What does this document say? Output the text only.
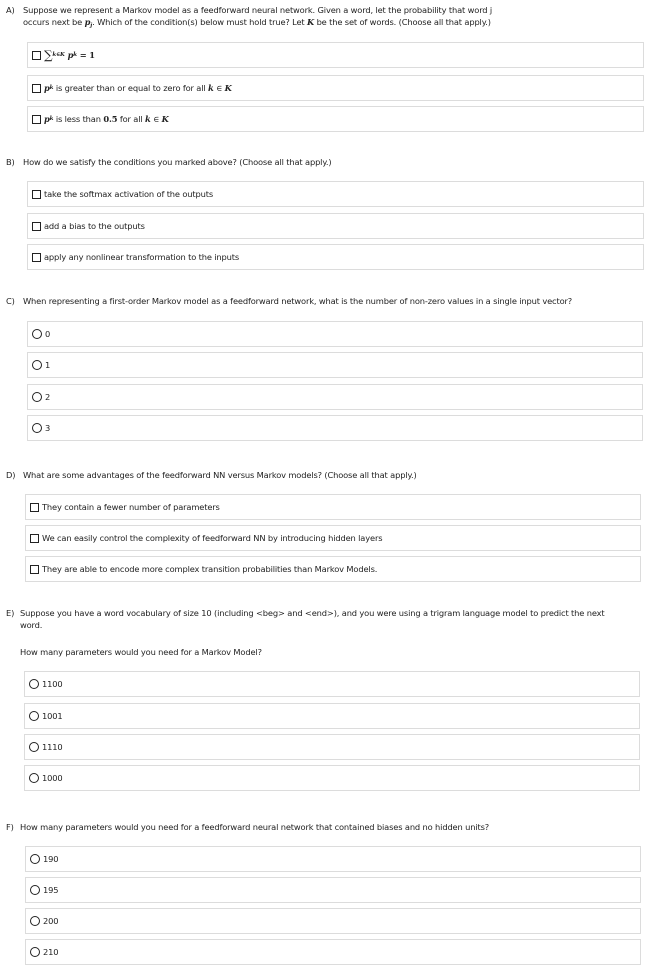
A) Suppose we represent a Markov model as a feedforward neural network. Given a word, let the probability that word j
occurs next be $p_j$. Which of the condition(s) below must hold true? Let K be the set of words. (Choose all that apply.)
∑ k∈K p k = 1
p k is greater than or equal to zero for all k ∈ K
p k is less than 0.5 for all k ∈ K
B)	How do we satisfy the conditions you marked above? (Choose all that apply.)
take the softmax activation of the outputs
add a bias to the outputs
apply any nonlinear transformation to the inputs
C) When representing a first-order Markov model as a feedforward network, what is the number of non-zero values in a single input vector?
0
1
2
3
D) What are some advantages of the feedforward NN versus Markov models? (Choose all that apply.)
They contain a fewer number of parameters
We can easily control the complexity of feedforward NN by introducing hidden layers
They are able to encode more complex transition probabilities than Markov Models.
E) Suppose you have a word vocabulary of size 10 (including <beg> and <end>), and you were using a trigram language model to predict the next
word.
How many parameters would you need for a Markov Model?
1100
1001
1110
1000
F) How many parameters would you need for a feedforward neural network that contained biases and no hidden units?
190
195
200
210
